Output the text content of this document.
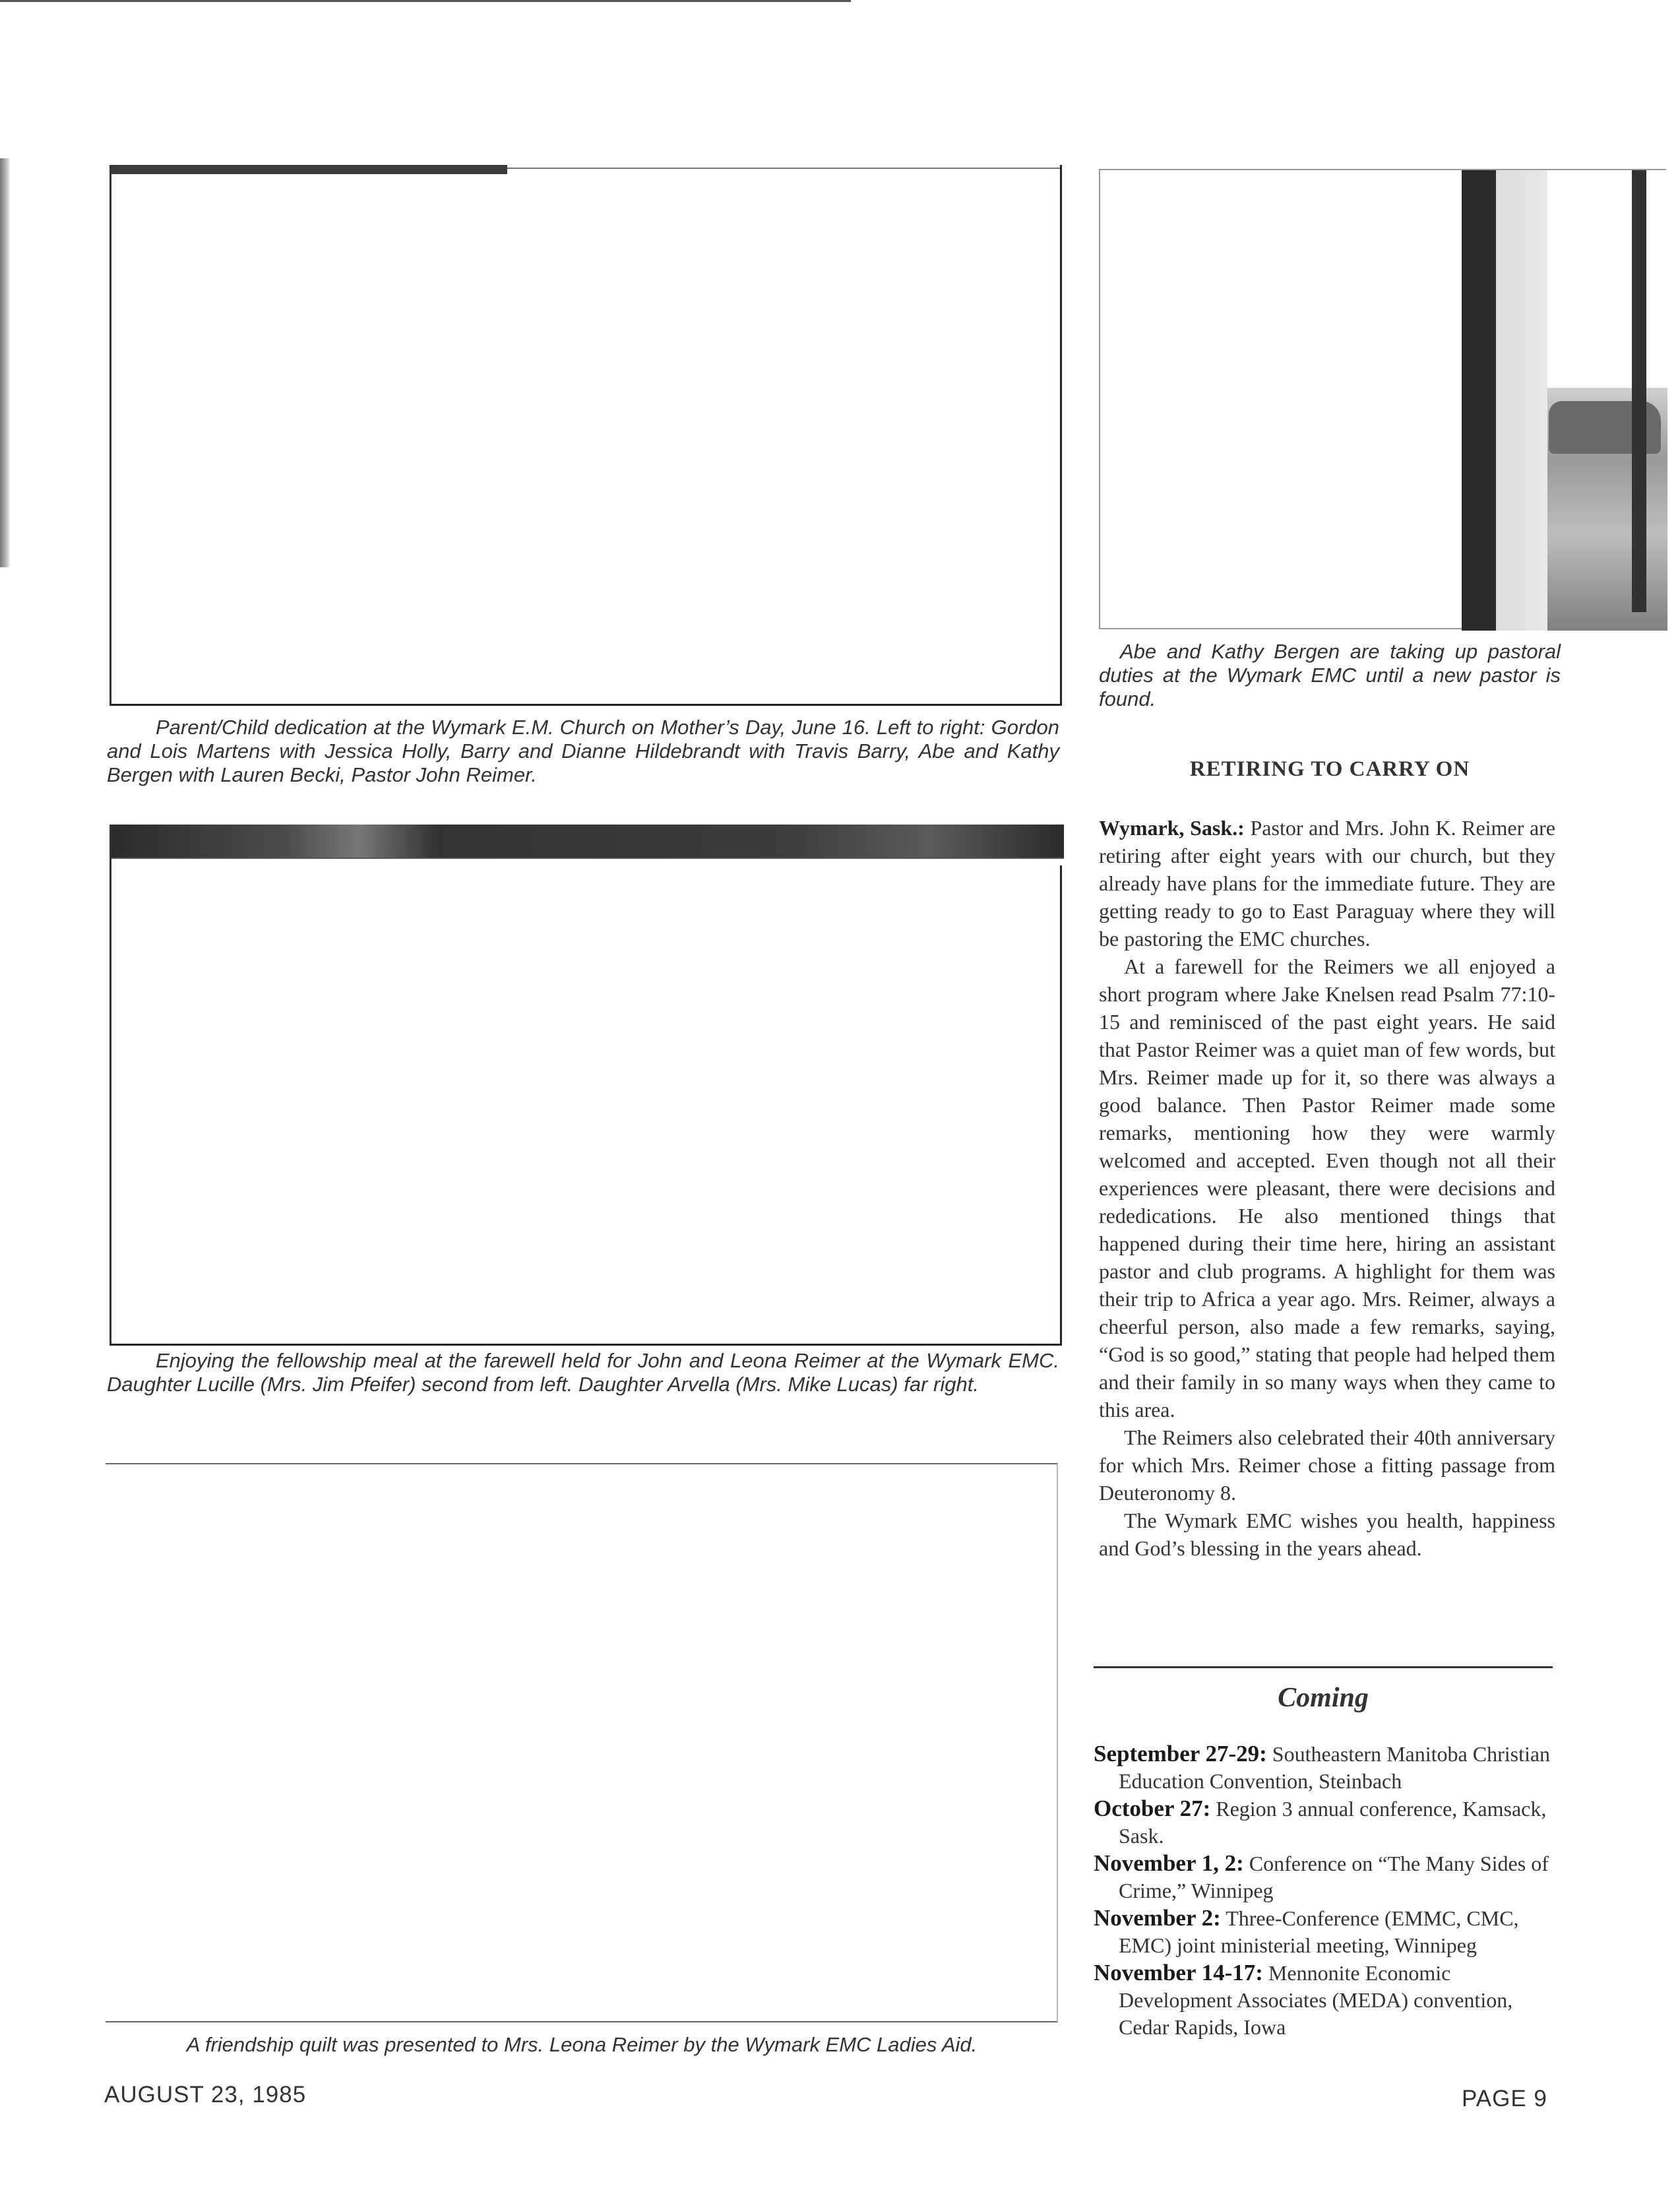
Parent/Child dedication at the Wymark E.M. Church on Mother’s Day, June 16. Left to right: Gordon and Lois Martens with Jessica Holly, Barry and Dianne Hildebrandt with Travis Barry, Abe and Kathy Bergen with Lauren Becki, Pastor John Reimer.

Abe and Kathy Bergen are taking up pastoral duties at the Wymark EMC until a new pastor is found.

RETIRING TO CARRY ON

Wymark, Sask.: Pastor and Mrs. John K. Reimer are retiring after eight years with our church, but they already have plans for the immediate future. They are getting ready to go to East Paraguay where they will be pastoring the EMC churches.

At a farewell for the Reimers we all enjoyed a short program where Jake Knelsen read Psalm 77:10-15 and reminisced of the past eight years. He said that Pastor Reimer was a quiet man of few words, but Mrs. Reimer made up for it, so there was always a good balance. Then Pastor Reimer made some remarks, mentioning how they were warmly welcomed and accepted. Even though not all their experiences were pleasant, there were decisions and rededications. He also mentioned things that happened during their time here, hiring an assistant pastor and club programs. A highlight for them was their trip to Africa a year ago. Mrs. Reimer, always a cheerful person, also made a few remarks, saying, “God is so good,” stating that people had helped them and their family in so many ways when they came to this area.

The Reimers also celebrated their 40th anniversary for which Mrs. Reimer chose a fitting passage from Deuteronomy 8.

The Wymark EMC wishes you health, happiness and God’s blessing in the years ahead.

Coming

September 27-29: Southeastern Manitoba Christian Education Convention, Steinbach

October 27: Region 3 annual conference, Kamsack, Sask.

November 1, 2: Conference on “The Many Sides of Crime,” Winnipeg

November 2: Three-Conference (EMMC, CMC, EMC) joint ministerial meeting, Winnipeg

November 14-17: Mennonite Economic Development Associates (MEDA) convention, Cedar Rapids, Iowa

Enjoying the fellowship meal at the farewell held for John and Leona Reimer at the Wymark EMC. Daughter Lucille (Mrs. Jim Pfeifer) second from left. Daughter Arvella (Mrs. Mike Lucas) far right.

A friendship quilt was presented to Mrs. Leona Reimer by the Wymark EMC Ladies Aid.

AUGUST 23, 1985	PAGE 9
